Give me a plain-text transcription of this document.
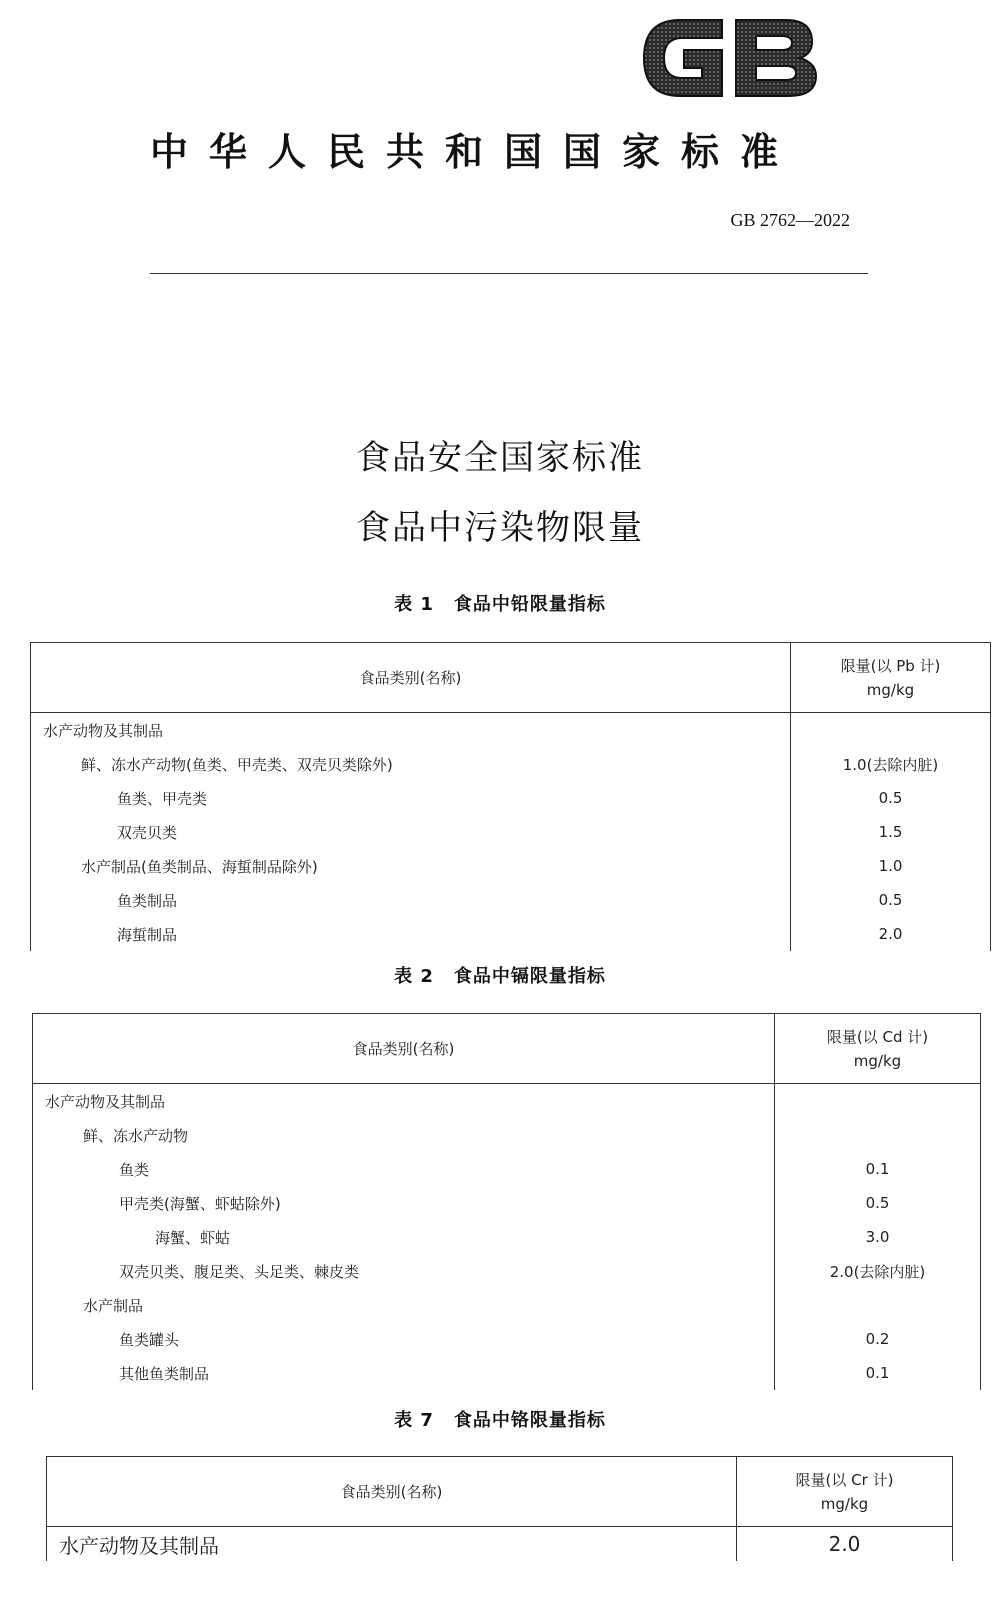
中华人民共和国国家标准
GB 2762—2022
食品安全国家标准
食品中污染物限量
表 1 食品中铅限量指标
食品类别(名称)	限量(以 Pb 计)
mg/kg

水产动物及其制品	
鲜、冻水产动物(鱼类、甲壳类、双壳贝类除外)	1.0(去除内脏)
鱼类、甲壳类	0.5
双壳贝类	1.5
水产制品(鱼类制品、海蜇制品除外)	1.0
鱼类制品	0.5
海蜇制品	2.0
表 2 食品中镉限量指标
食品类别(名称)	限量(以 Cd 计)
mg/kg

水产动物及其制品	
鲜、冻水产动物	
鱼类	0.1
甲壳类(海蟹、虾蛄除外)	0.5
海蟹、虾蛄	3.0
双壳贝类、腹足类、头足类、棘皮类	2.0(去除内脏)
水产制品	
鱼类罐头	0.2
其他鱼类制品	0.1
表 7 食品中铬限量指标
食品类别(名称)	限量(以 Cr 计)
mg/kg

水产动物及其制品	2.0
